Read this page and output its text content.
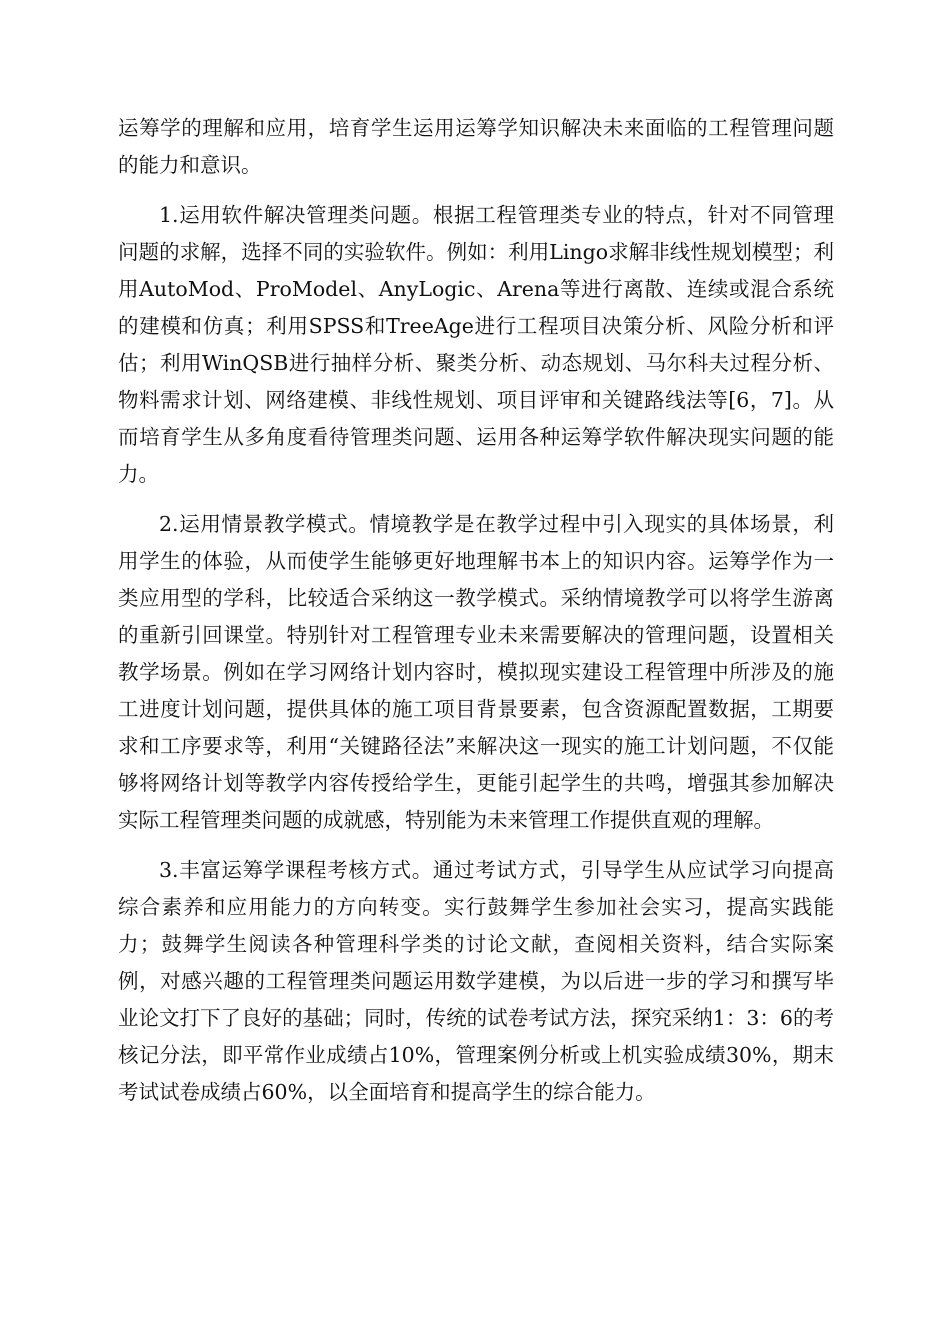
运筹学的理解和应用，培育学生运用运筹学知识解决未来面临的工程管理问题的能力和意识。

1.运用软件解决管理类问题。根据工程管理类专业的特点，针对不同管理问题的求解，选择不同的实验软件。例如：利用Lingo求解非线性规划模型；利用AutoMod、ProModel、AnyLogic、Arena等进行离散、连续或混合系统的建模和仿真；利用SPSS和TreeAge进行工程项目决策分析、风险分析和评估；利用WinQSB进行抽样分析、聚类分析、动态规划、马尔科夫过程分析、物料需求计划、网络建模、非线性规划、项目评审和关键路线法等[6，7]。从而培育学生从多角度看待管理类问题、运用各种运筹学软件解决现实问题的能力。

2.运用情景教学模式。情境教学是在教学过程中引入现实的具体场景，利用学生的体验，从而使学生能够更好地理解书本上的知识内容。运筹学作为一类应用型的学科，比较适合采纳这一教学模式。采纳情境教学可以将学生游离的重新引回课堂。特别针对工程管理专业未来需要解决的管理问题，设置相关教学场景。例如在学习网络计划内容时，模拟现实建设工程管理中所涉及的施工进度计划问题，提供具体的施工项目背景要素，包含资源配置数据，工期要求和工序要求等，利用“关键路径法”来解决这一现实的施工计划问题，不仅能够将网络计划等教学内容传授给学生，更能引起学生的共鸣，增强其参加解决实际工程管理类问题的成就感，特别能为未来管理工作提供直观的理解。

3.丰富运筹学课程考核方式。通过考试方式，引导学生从应试学习向提高综合素养和应用能力的方向转变。实行鼓舞学生参加社会实习，提高实践能力；鼓舞学生阅读各种管理科学类的讨论文献，查阅相关资料，结合实际案例，对感兴趣的工程管理类问题运用数学建模，为以后进一步的学习和撰写毕业论文打下了良好的基础；同时，传统的试卷考试方法，探究采纳1：3：6的考核记分法，即平常作业成绩占10%，管理案例分析或上机实验成绩30%，期末考试试卷成绩占60%，以全面培育和提高学生的综合能力。
